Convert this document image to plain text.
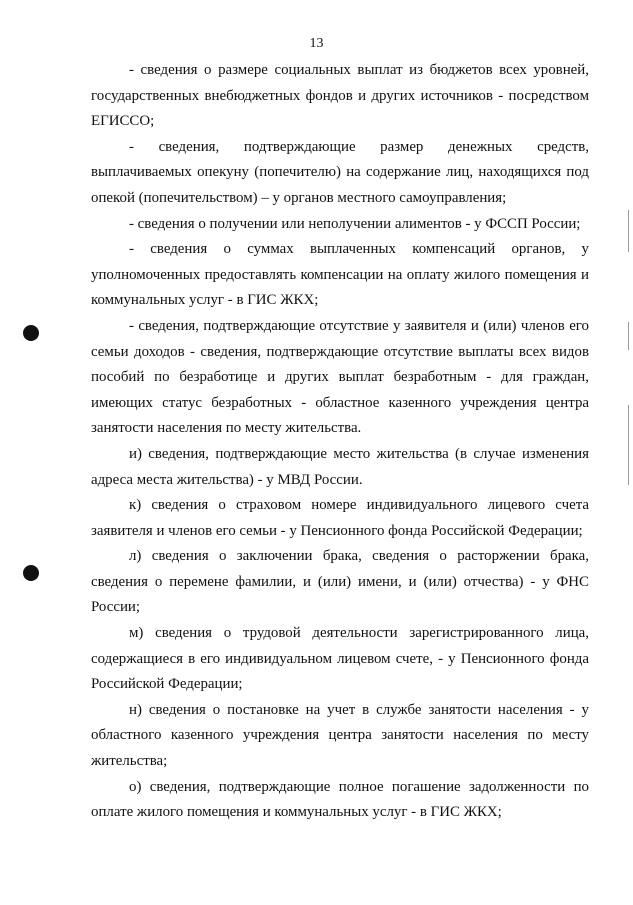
13

- сведения о размере социальных выплат из бюджетов всех уровней, государственных внебюджетных фондов и других источников - посредством ЕГИССО;

- сведения, подтверждающие размер денежных средств, выплачиваемых опекуну (попечителю) на содержание лиц, находящихся под опекой (попечительством) – у органов местного самоуправления;

- сведения о получении или неполучении алиментов - у ФССП России;

- сведения о суммах выплаченных компенсаций органов, у уполномоченных предоставлять компенсации на оплату жилого помещения и коммунальных услуг - в ГИС ЖКХ;

- сведения, подтверждающие отсутствие у заявителя и (или) членов его семьи доходов - сведения, подтверждающие отсутствие выплаты всех видов пособий по безработице и других выплат безработным - для граждан, имеющих статус безработных - областное казенного учреждения центра занятости населения по месту жительства.

и) сведения, подтверждающие место жительства (в случае изменения адреса места жительства) - у МВД России.

к) сведения о страховом номере индивидуального лицевого счета заявителя и членов его семьи - у Пенсионного фонда Российской Федерации;

л) сведения о заключении брака, сведения о расторжении брака, сведения о перемене фамилии, и (или) имени, и (или) отчества) - у ФНС России;

м) сведения о трудовой деятельности зарегистрированного лица, содержащиеся в его индивидуальном лицевом счете, - у Пенсионного фонда Российской Федерации;

н) сведения о постановке на учет в службе занятости населения - у областного казенного учреждения центра занятости населения по месту жительства;

о) сведения, подтверждающие полное погашение задолженности по оплате жилого помещения и коммунальных услуг - в ГИС ЖКХ;
